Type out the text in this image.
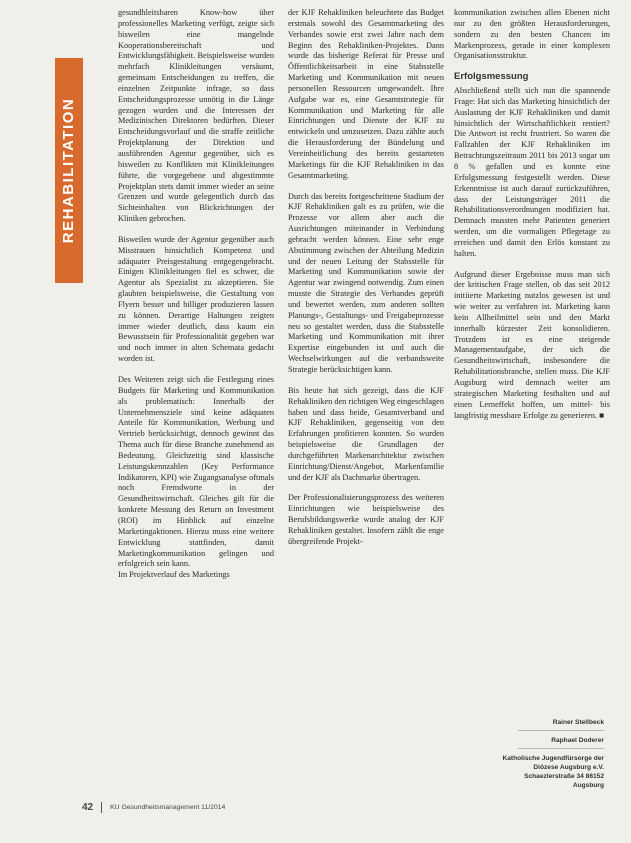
REHABILITATION

gesundhleitsbaren Know-how über professionelles Marketing verfügt, zeigte sich bisweilen eine mangelnde Kooperationsbereitschaft und Entwicklungsfähigkeit. Beispielsweise wurden mehrfach Klinikleitungen versäumt, gemeinsam Entscheidungen zu treffen, die einzelnen Zeitpunkte infrage, so dass Entscheidungsprozesse unnötig in die Länge gezogen wurden und die Interessen der Medizinischen Direktoren bedürften. Dieser Entscheidungsvorlauf und die straffe zeitliche Projektplanung der Direktion und ausführenden Agentur gegenüber, sich es bisweilen zu Konflikten mit Klinikleitungen führte, die vorgegebene und abgestimmte Projektplan stets damit immer wieder an seine Grenzen und wurde gelegentlich durch das Sichteinhalten von Blickrichtungen der Kliniken gebrochen.

Bisweilen wurde der Agentur gegenüber auch Misstrauen hinsichtlich Kompetenz und adäquater Preisgestaltung entgegengebracht. Einigen Klinikleitungen fiel es schwer, die Agentur als Spezialist zu akzeptieren. Sie glaubten beispielsweise, die Gestaltung von Flyern besser und billiger produzieren lassen zu können. Derartige Haltungen zeigten immer wieder deutlich, dass kaum ein Bewusstsein für Professionalität gegeben war und noch immer in alten Schemata gedacht worden ist.

Des Weiteren zeigt sich die Festlegung eines Budgets für Marketing und Kommunikation als problematisch: Innerhalb der Unternehmensziele sind keine adäquaten Anteile für Kommunikation, Werbung und Vertrieb berücksichtigt, dennoch gewinnt das Thema auch für diese Branche zunehmend an Bedeutung. Gleichzeitig sind klassische Leistungskennzahlen (Key Performance Indikatoren, KPI) wie Zugangsanalyse oftmals noch Fremdworte in der Gesundheitswirtschaft. Gleiches gilt für die konkrete Messung des Return on Investment (ROI) im Hinblick auf einzelne Marketingaktionen. Hierzu muss eine weitere Entwicklung stattfinden, damit Marketingkommunikation gelingen und erfolgreich sein kann.

Im Projektverlauf des Marketings

der KJF Rehakliniken beleuchtete das Budget erstmals sowohl des Gesamtmarketing des Verbandes sowie erst zwei Jahre nach dem Beginn des Rehakliniken-Projektes. Dann wurde das bisherige Referat für Presse und Öffentlichkeitsarbeit in eine Stabsstelle Marketing und Kommunikation mit neuen personellen Ressourcen umgewandelt. Ihre Aufgabe war es, eine Gesamtstrategie für Kommunikation und Marketing für alle Einrichtungen und Dienste der KJF zu entwickeln und umzusetzen. Dazu zählte auch die Herausforderung der Bündelung und Vereinheitlichung des bereits gestarteten Marketings für die KJF Rehakliniken in das Gesamtmarketing.

Durch das bereits fortgeschrittene Stadium der KJF Rehakliniken galt es zu prüfen, wie die Prozesse vor allem aber auch die Ausrichtungen miteinander in Verbindung gebracht werden können. Eine sehr enge Abstimmung zwischen der Abteilung Medizin und der neuen Leitung der Stabsstelle für Marketing und Kommunikation sowie der Agentur war zwingend notwendig. Zum einen musste die Strategie des Verbandes geprüft und bewertet werden, zum anderen sollten Planungs-, Gestaltungs- und Freigabeprozesse neu so gestaltet werden, dass die Stabsstelle Marketing und Kommunikation mit ihrer Expertise eingebunden ist und auch die Wechselwirkungen auf die verbandsweite Strategie berücksichtigen kann.

Bis heute hat sich gezeigt, dass die KJF Rehakliniken den richtigen Weg eingeschlagen haben und dass beide, Gesamtverband und KJF Rehakliniken, gegenseitig von den Erfahrungen profitieren konnten. So wurden beispielsweise die Grundlagen der durchgeführten Markenarchitektur zwischen Einrichtung/Dienst/Angebot, Markenfamilie und der KJF als Dachmarke übertragen.

Der Professionalisierungsprozess des weiteren Einrichtungen wie beispielsweise des Berufsbildungswerke wurde analog der KJF Rehakliniken gestaltet. Insofern zählt die enge übergreifende Projekt-

kommunikation zwischen allen Ebenen nicht nur zu den größten Herausforderungen, sondern zu den besten Chancen im Markenprozess, gerade in einer komplexen Organisationsstruktur.

Erfolgsmessung

Abschließend stellt sich nun die spannende Frage: Hat sich das Marketing hinsichtlich der Auslastung der KJF Rehakliniken und damit hinsichtlich der Wirtschaftlichkeit rentiert? Die Antwort ist recht frustriert. So waren die Fallzahlen der KJF Rehakliniken im Betrachtungszeitraum 2011 bis 2013 sogar um 8 % gefallen und es konnte eine Erfolgsmessung festgestellt werden. Diese Erkenntnisse ist auch darauf zurückzuführen, dass der Leistungsträger 2011 die Rehabilitationsverordnungen modifiziert hat. Demnach mussten mehr Patienten generiert werden, um die vormaligen Pflegetage zu erreichen und damit den Erlös konstant zu halten.

Aufgrund dieser Ergebnisse muss man sich der kritischen Frage stellen, ob das seit 2012 initiierte Marketing nutzlos gewesen ist und wie weiter zu verfahren ist. Marketing kann kein Allheilmittel sein und den Markt innerhalb kürzester Zeit konsolidieren. Trotzdem ist es eine steigende Managementaufgabe, der sich die Gesundheitswirtschaft, insbesondere die Rehabilitationsbranche, stellen muss. Die KJF Augsburg wird demnach weiter am strategischen Marketing festhalten und auf einen Lerneffekt hoffen, um mittel- bis langfristig messbare Erfolge zu generieren. ■

Rainer Stellbeck
Raphael Doderer
Katholische Jugendfürsorge der Diözese Augsburg e.V. Schaezlerstraße 34 86152 Augsburg
42	KU Gesundheitsmanagement 11/2014
